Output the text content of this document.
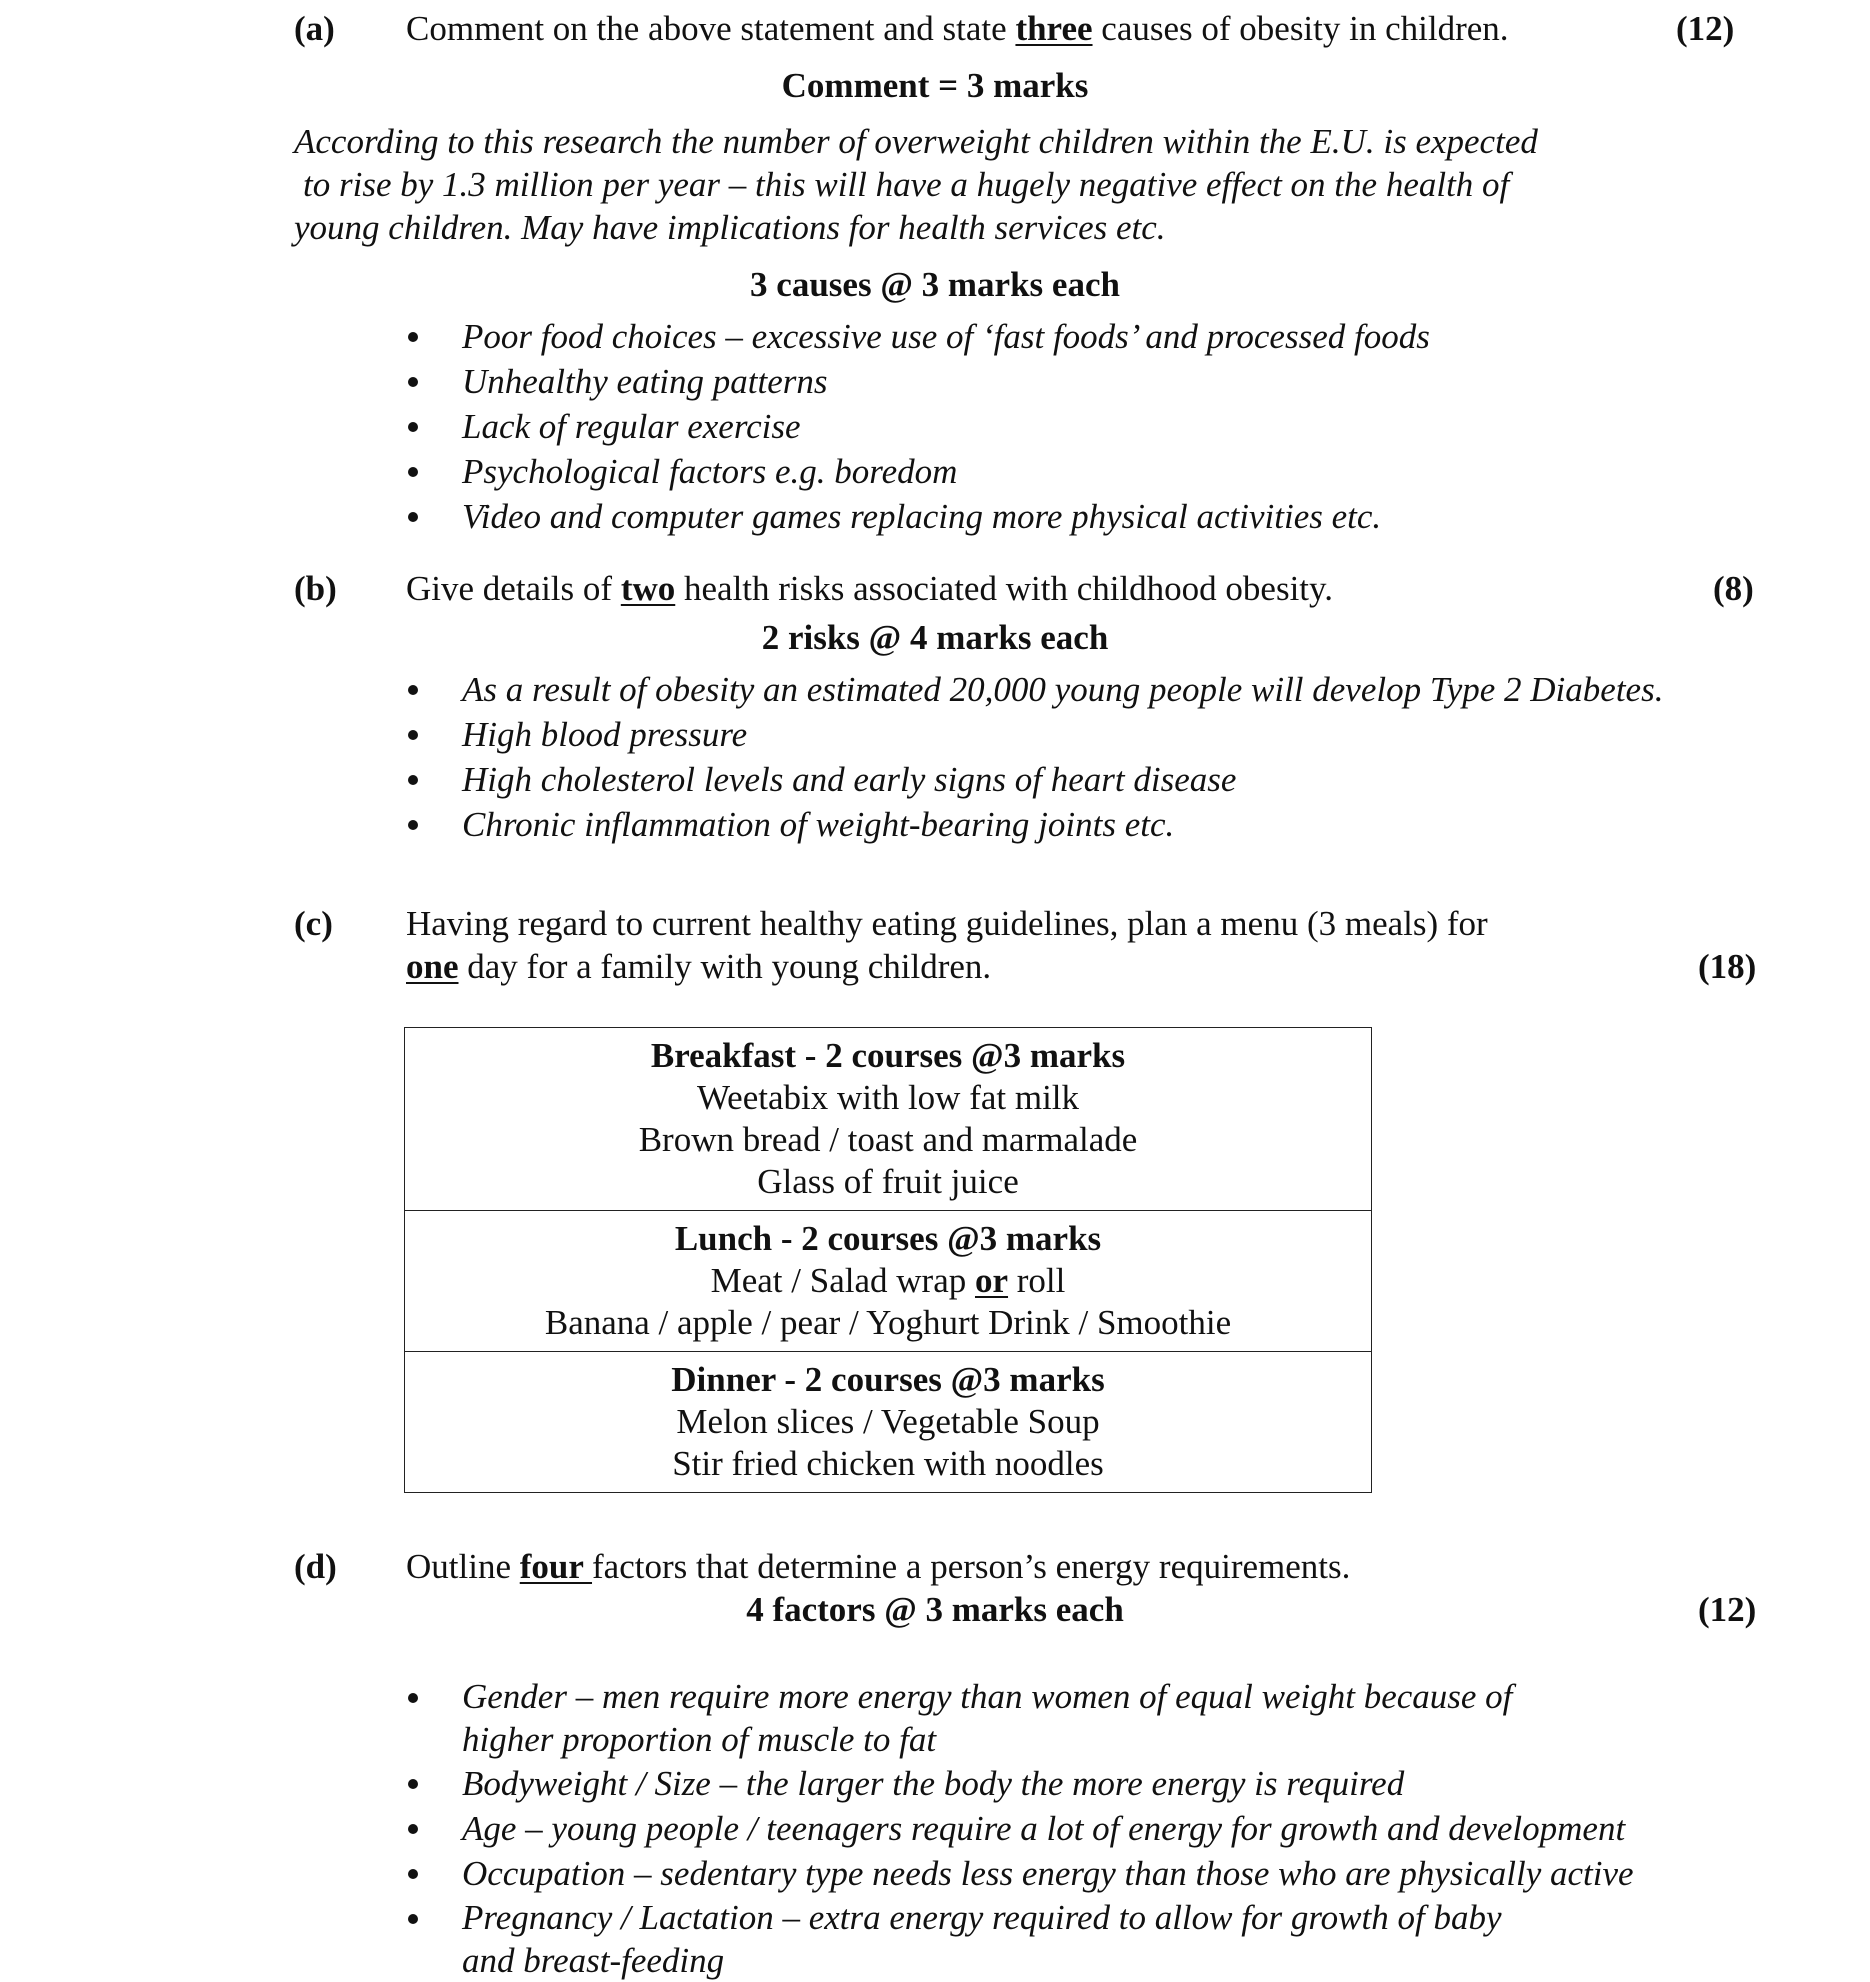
(a) Comment on the above statement and state three causes of obesity in children.	(12)
Comment = 3 marks
According to this research the number of overweight children within the E.U. is expected
to rise by 1.3 million per year – this will have a hugely negative effect on the health of
young children. May have implications for health services etc.
3 causes @ 3 marks each
Poor food choices – excessive use of ‘fast foods’ and processed foods
Unhealthy eating patterns
Lack of regular exercise
Psychological factors e.g. boredom
Video and computer games replacing more physical activities etc.
(b) Give details of two health risks associated with childhood obesity.	(8)
2 risks @ 4 marks each
As a result of obesity an estimated 20,000 young people will develop Type 2 Diabetes.
High blood pressure
High cholesterol levels and early signs of heart disease
Chronic inflammation of weight-bearing joints etc.
(c) Having regard to current healthy eating guidelines, plan a menu (3 meals) for
one day for a family with young children.	(18)
Breakfast - 2 courses @3 marks
Weetabix with low fat milk
Brown bread / toast and marmalade
Glass of fruit juice

Lunch - 2 courses @3 marks
Meat / Salad wrap or roll
Banana / apple / pear / Yoghurt Drink / Smoothie

Dinner - 2 courses @3 marks
Melon slices / Vegetable Soup
Stir fried chicken with noodles
(d) Outline four factors that determine a person’s energy requirements.
4 factors @ 3 marks each	(12)
Gender – men require more energy than women of equal weight because of
higher proportion of muscle to fat
Bodyweight / Size – the larger the body the more energy is required
Age – young people / teenagers require a lot of energy for growth and development
Occupation – sedentary type needs less energy than those who are physically active
Pregnancy / Lactation – extra energy required to allow for growth of baby
and breast-feeding
